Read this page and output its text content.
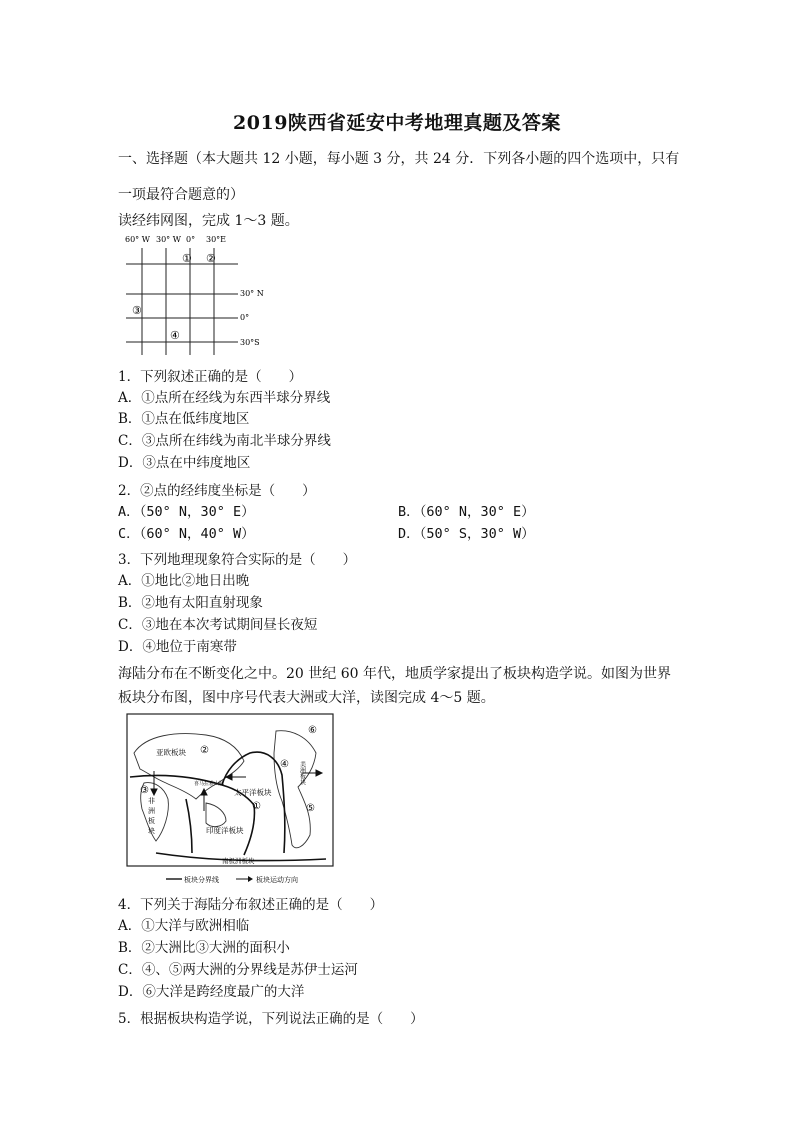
2019陕西省延安中考地理真题及答案
一、选择题（本大题共 12 小题，每小题 3 分，共 24 分．下列各小题的四个选项中，只有
一项最符合题意的）
读经纬网图，完成 1～3 题。
60° W 30° W 0° 30°E
30° N
0°
30°S
① ②
③
④
1．下列叙述正确的是（　　）
A．①点所在经线为东西半球分界线
B．①点在低纬度地区
C．③点所在纬线为南北半球分界线
D．③点在中纬度地区
2．②点的经纬度坐标是（　　）
A．（50° N，30° E）	B．（60° N，30° E）
C．（60° N，40° W）	D．（50° S，30° W）
3．下列地理现象符合实际的是（　　）
A．①地比②地日出晚
B．②地有太阳直射现象
C．③地在本次考试期间昼长夜短
D．④地位于南寒带
海陆分布在不断变化之中。20 世纪 60 年代，地质学家提出了板块构造学说。如图为世界
板块分布图，图中序号代表大洲或大洋，读图完成 4～5 题。
亚欧板块
喜马拉雅山脉
太平洋板块
印度洋板块
非
洲
板
块
美洲板块
①
②
③
④
⑤
⑥
南极洲板块
板块分界线	板块运动方向
4．下列关于海陆分布叙述正确的是（　　）
A．①大洋与欧洲相临
B．②大洲比③大洲的面积小
C．④、⑤两大洲的分界线是苏伊士运河
D．⑥大洋是跨经度最广的大洋
5．根据板块构造学说，下列说法正确的是（　　）
